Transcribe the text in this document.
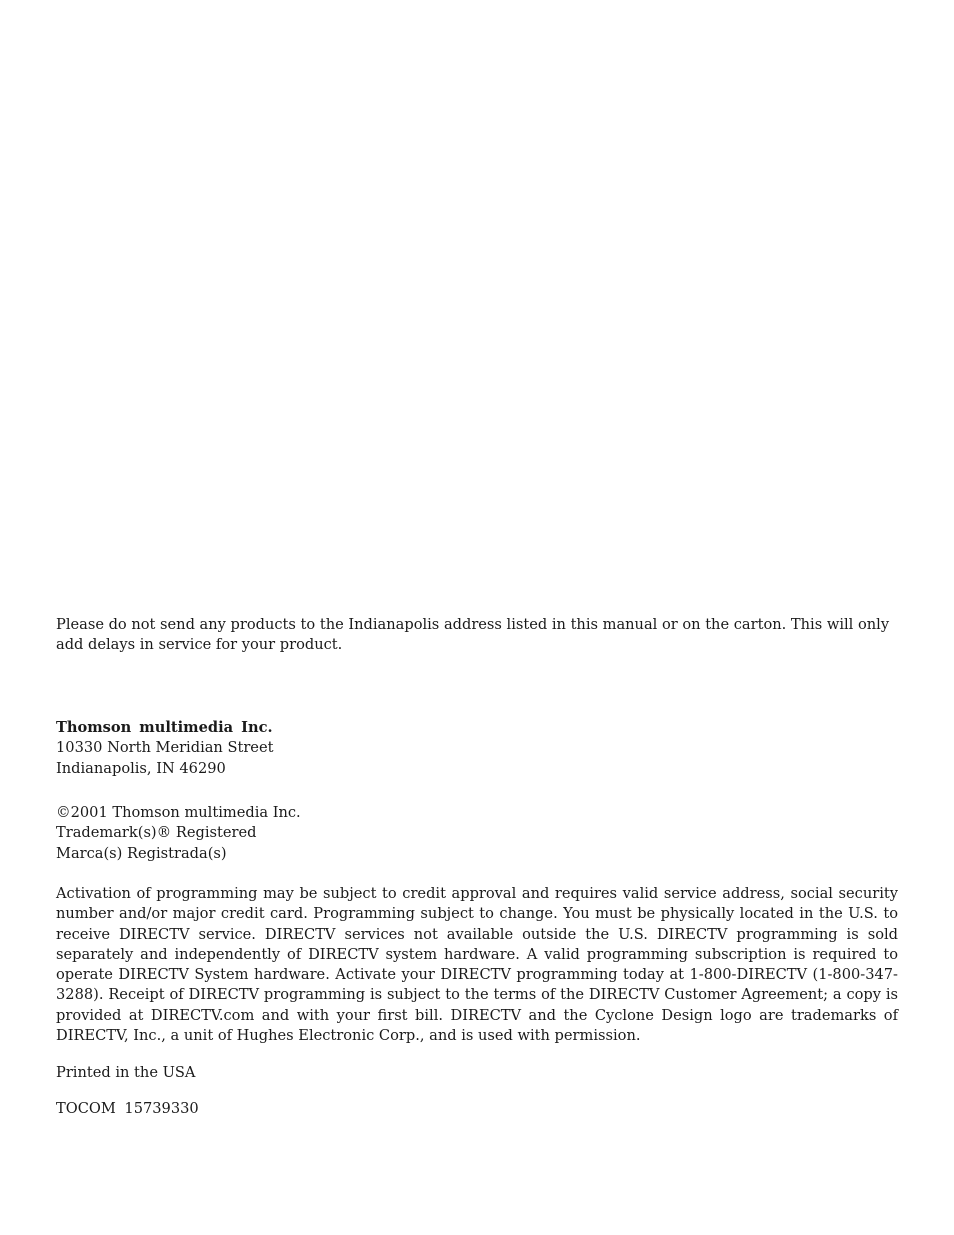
Please do not send any products to the Indianapolis address listed in this manual or on the carton. This will only add delays in service for your product.

Thomson multimedia Inc.
10330 North Meridian Street
Indianapolis, IN 46290
©2001 Thomson multimedia Inc.
Trademark(s)® Registered
Marca(s) Registrada(s)

Activation of programming may be subject to credit approval and requires valid service address, social security number and/or major credit card. Programming subject to change. You must be physically located in the U.S. to receive DIRECTV service. DIRECTV services not available outside the U.S. DIRECTV programming is sold separately and independently of DIRECTV system hardware. A valid programming subscription is required to operate DIRECTV System hardware. Activate your DIRECTV programming today at 1-800-DIRECTV (1-800-347-3288). Receipt of DIRECTV programming is subject to the terms of the DIRECTV Customer Agreement; a copy is provided at DIRECTV.com and with your first bill. DIRECTV and the Cyclone Design logo are trademarks of DIRECTV, Inc., a unit of Hughes Electronic Corp., and is used with permission.

Printed in the USA

TOCOM 15739330
